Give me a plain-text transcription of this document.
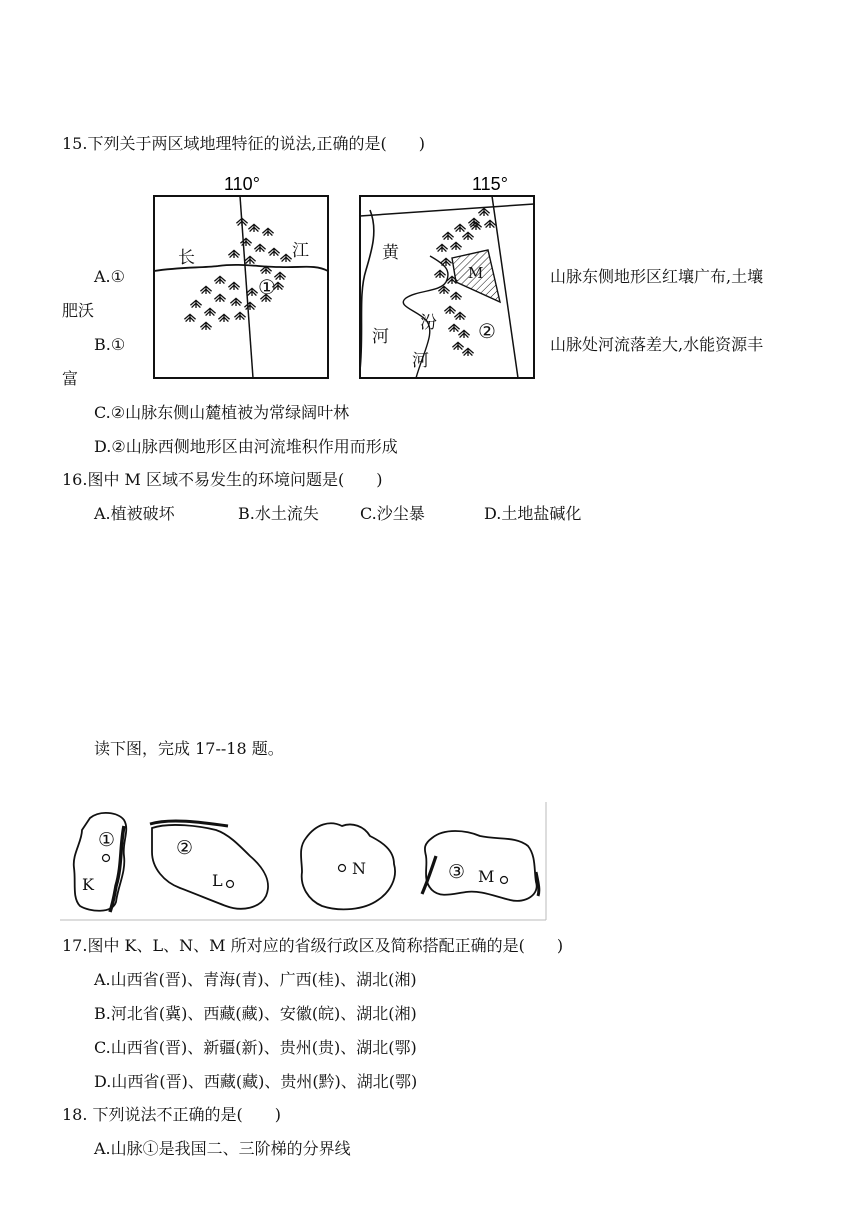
15.下列关于两区域地理特征的说法,正确的是(　　)
110°
长	江
①
115°
M
黄
河
汾
河
②
A.①	山脉东侧地形区红壤广布,土壤
肥沃
B.①	山脉处河流落差大,水能资源丰
富
C.②山脉东侧山麓植被为常绿阔叶林
D.②山脉西侧地形区由河流堆积作用而形成
16.图中 M 区域不易发生的环境问题是(　　)
A.植被破坏	B.水土流失	C.沙尘暴	D.土地盐碱化
读下图，完成 17--18 题。
①
K
②
L
N	③ M
17.图中 K、L、N、M 所对应的省级行政区及简称搭配正确的是(　　)
A.山西省(晋)、青海(青)、广西(桂)、湖北(湘)
B.河北省(冀)、西藏(藏)、安徽(皖)、湖北(湘)
C.山西省(晋)、新疆(新)、贵州(贵)、湖北(鄂)
D.山西省(晋)、西藏(藏)、贵州(黔)、湖北(鄂)
18. 下列说法不正确的是(　　)
A.山脉①是我国二、三阶梯的分界线
